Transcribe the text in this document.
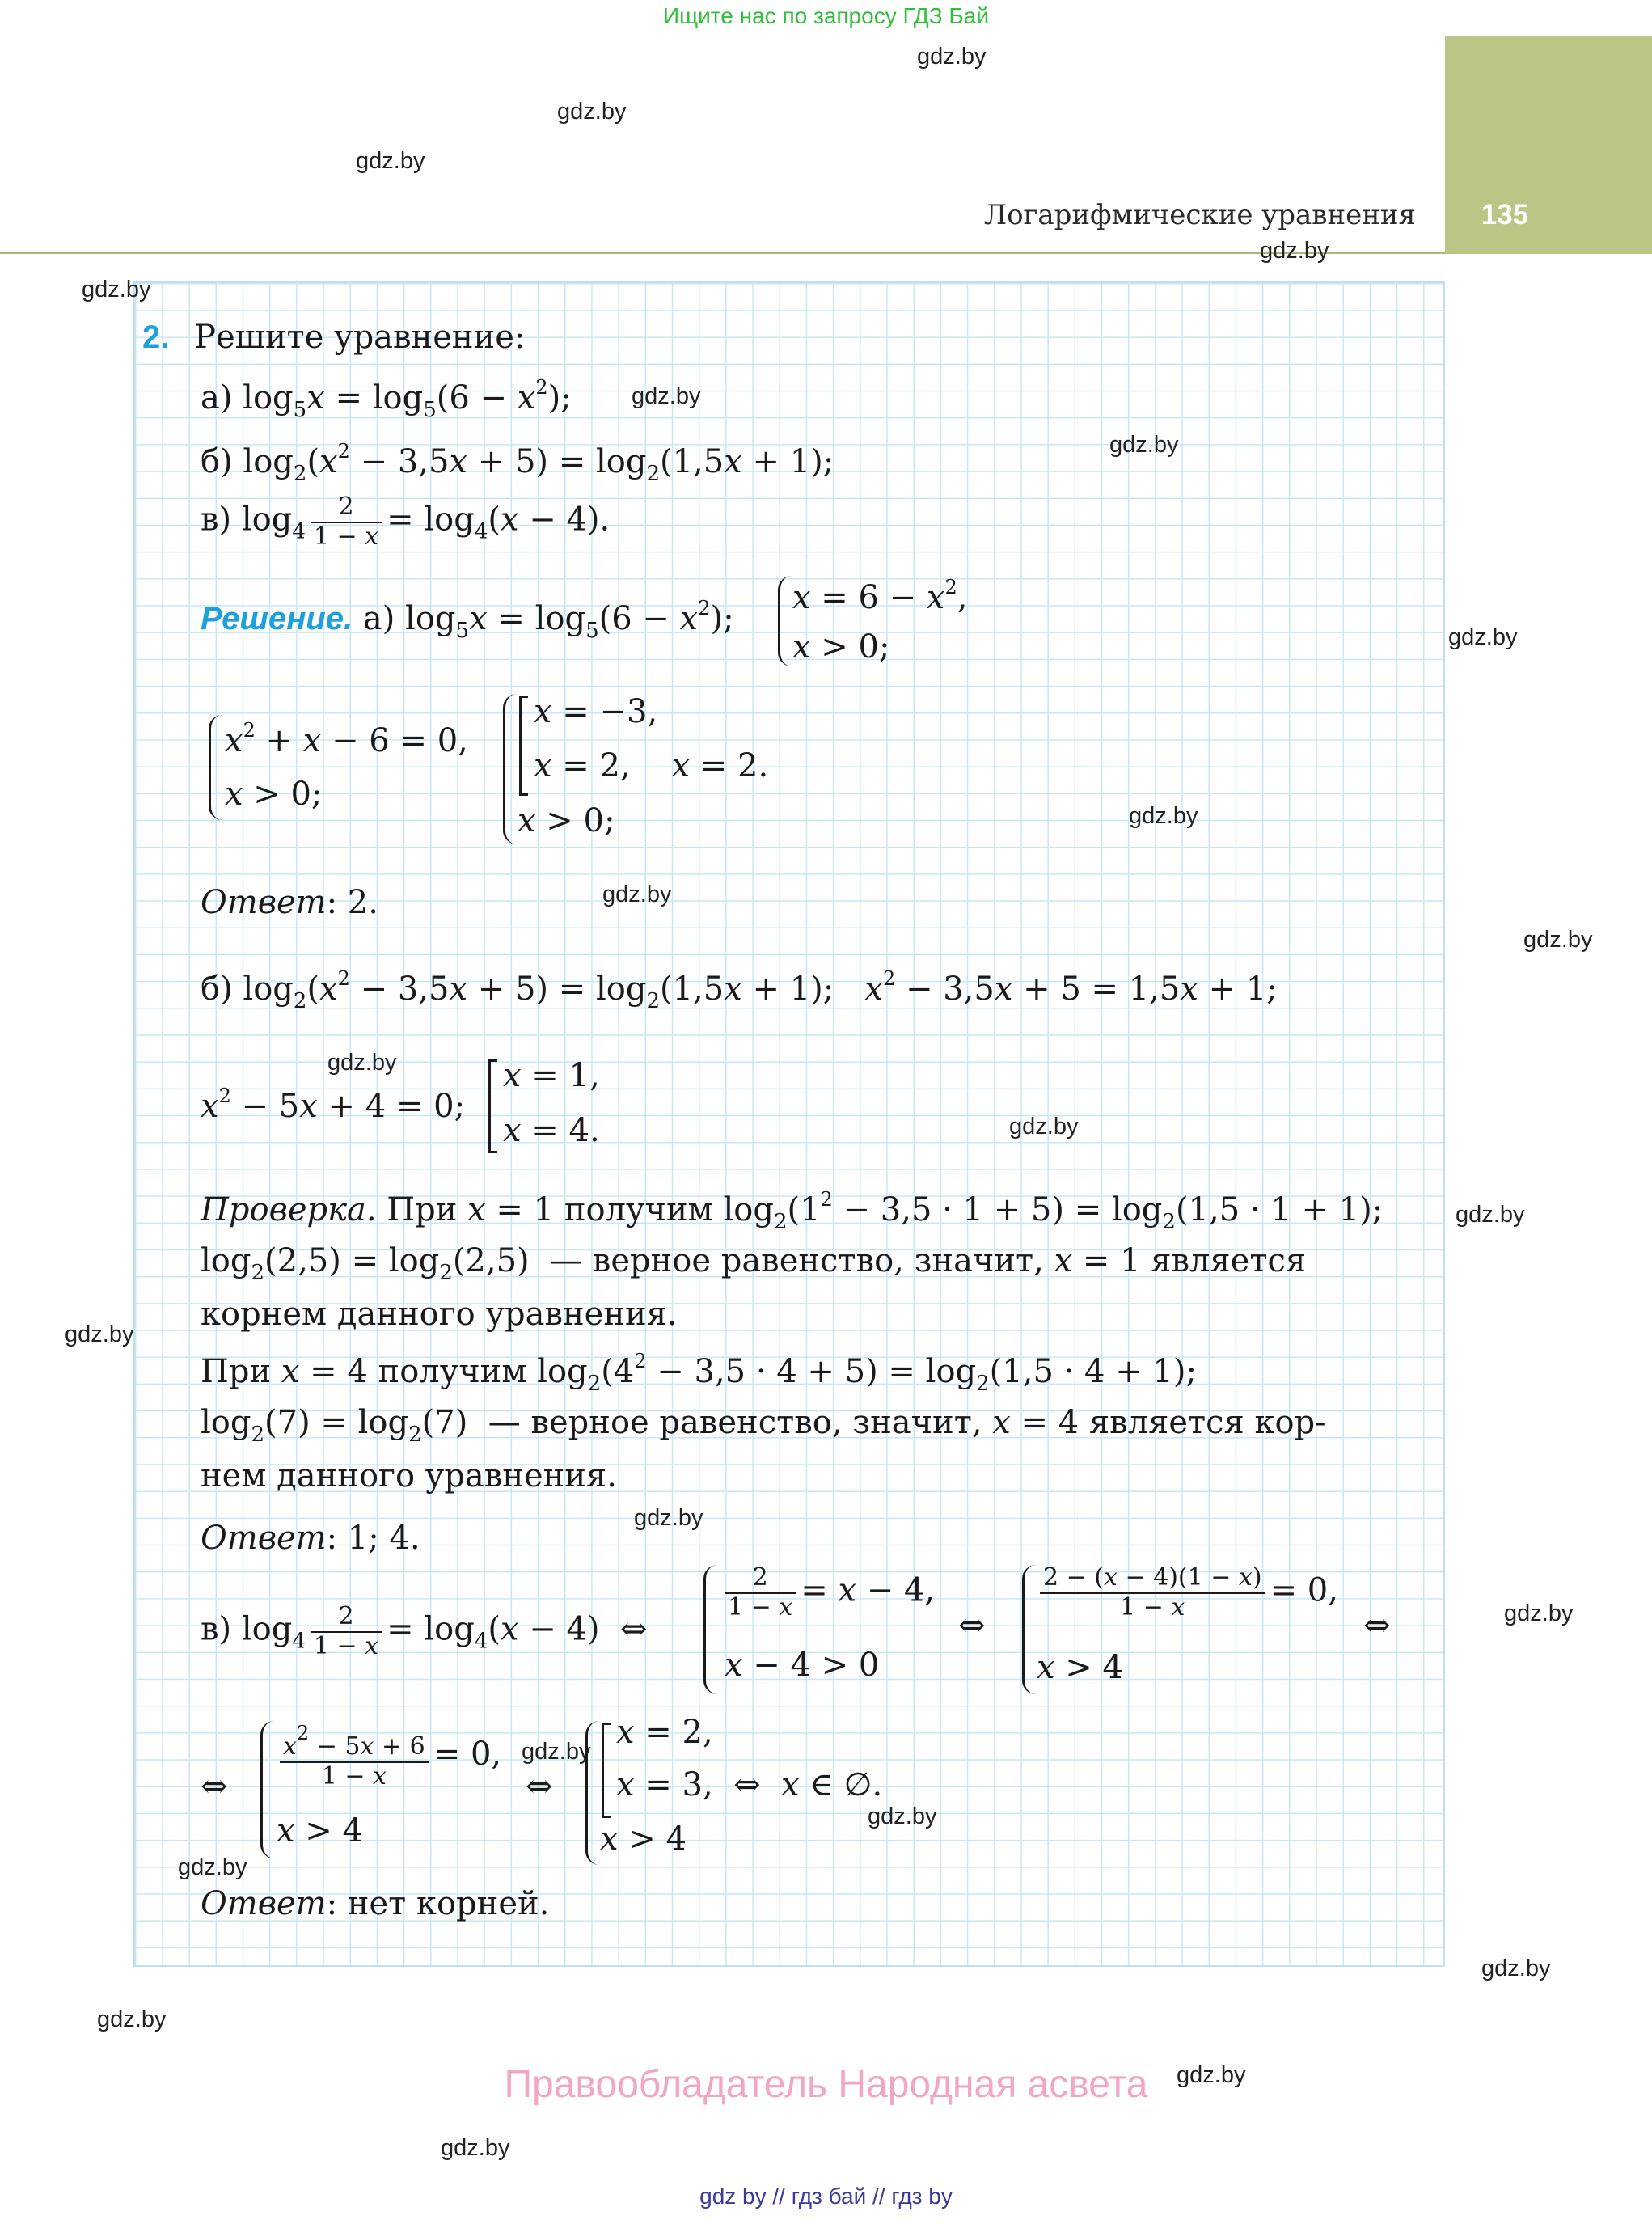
Ищите нас по запросу ГДЗ Бай
135
Логарифмические уравнения
gdz.by
gdz.by
gdz.by
gdz.by
gdz.by
gdz.by
gdz.by
gdz.by
gdz.by
gdz.by
gdz.by
gdz.by
gdz.by
gdz.by
gdz.by
gdz.by
gdz.by
gdz.by
gdz.by
gdz.by
gdz.by
gdz.by
gdz.by
gdz.by
2. Решите уравнение:
а) $\log_5x = \log_5(6 - x^2)$;
б) $\log_2(x^2 - 3,5x + 5) = \log_2(1,5x + 1)$;
в) $\log_4 \frac{2}{1 - x} = \log_4(x - 4)$.
Решение. а) $\log_5x = \log_5(6 - x^2)$;
$x = 6 - x^2$,
x > 0;
$x^2 + x - 6 = 0$,
x > 0;
x = −3,
x = 2,    x = 2.
x > 0;
Ответ: 2.
б) $\log_2(x^2 - 3,5x + 5) = \log_2(1,5x + 1)$;   $x^2 - 3,5x + 5 = 1,5x + 1$;
$x^2 - 5x + 4 = 0$;
x = 1,
x = 4.
Проверка. При x = 1 получим $\log_2(1^2 - 3,5 \cdot 1 + 5) = \log_2(1,5 \cdot 1 + 1)$;
$\log_2(2,5) = \log_2(2,5)$  — верное равенство, значит, x = 1 является
корнем данного уравнения.
При x = 4 получим $\log_2(4^2 - 3,5 \cdot 4 + 5) = \log_2(1,5 \cdot 4 + 1)$;
$\log_2(7) = \log_2(7)$  — верное равенство, значит, x = 4 является кор-
нем данного уравнения.
Ответ: 1; 4.
в) $\log_4 \frac{2}{1 - x} = \log_4(x - 4)$  ⇔
$\frac{2}{1 - x} = x - 4$,
x − 4 > 0
⇔
$\frac{2 - (x - 4)(1 - x)}{1 - x} = 0$,
x > 4
⇔
⇔ $\frac{x^2 - 5x + 6}{1 - x} = 0$,
x > 4
⇔
x = 2,
x = 3,  ⇔  x ∈ ∅.
x > 4
Ответ: нет корней.
Правообладатель Народная асвета
gdz by // гдз бай // гдз by
